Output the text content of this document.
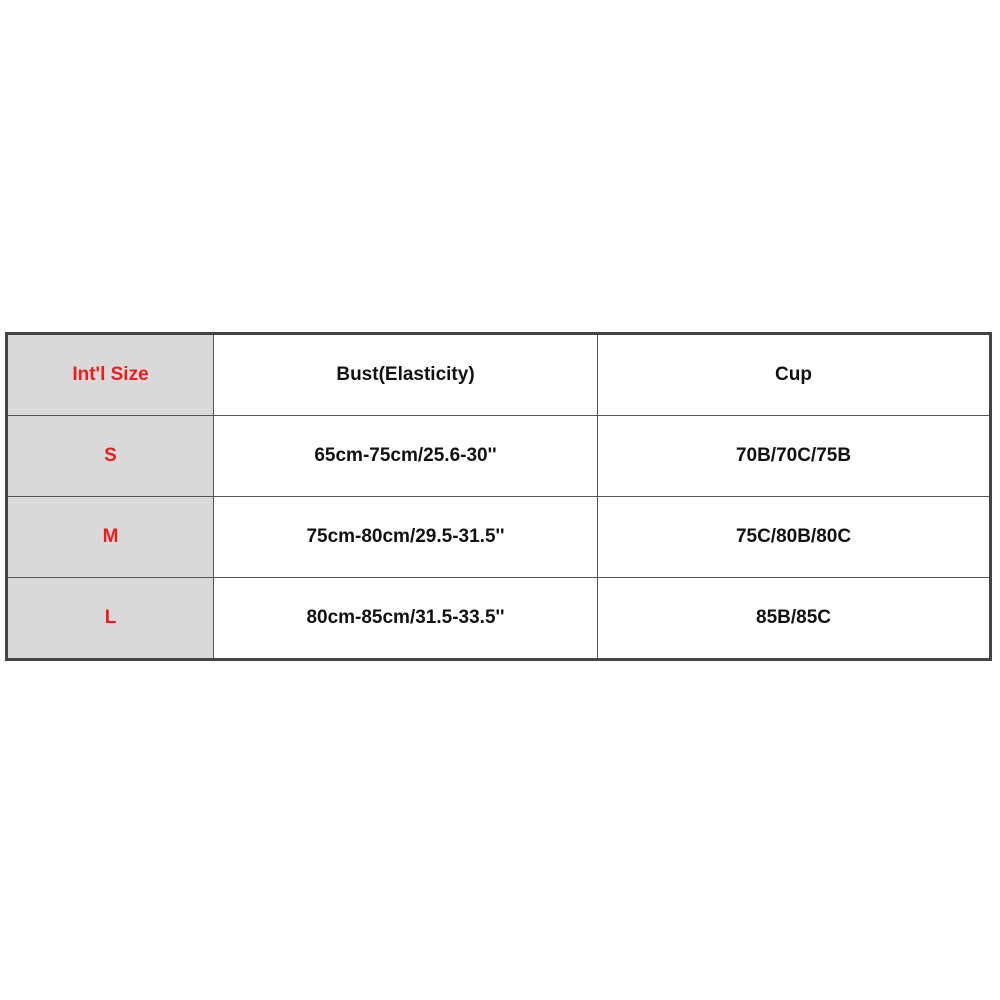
Int'l Size	Bust(Elasticity)	Cup
S	65cm-75cm/25.6-30''	70B/70C/75B
M	75cm-80cm/29.5-31.5''	75C/80B/80C
L	80cm-85cm/31.5-33.5''	85B/85C
